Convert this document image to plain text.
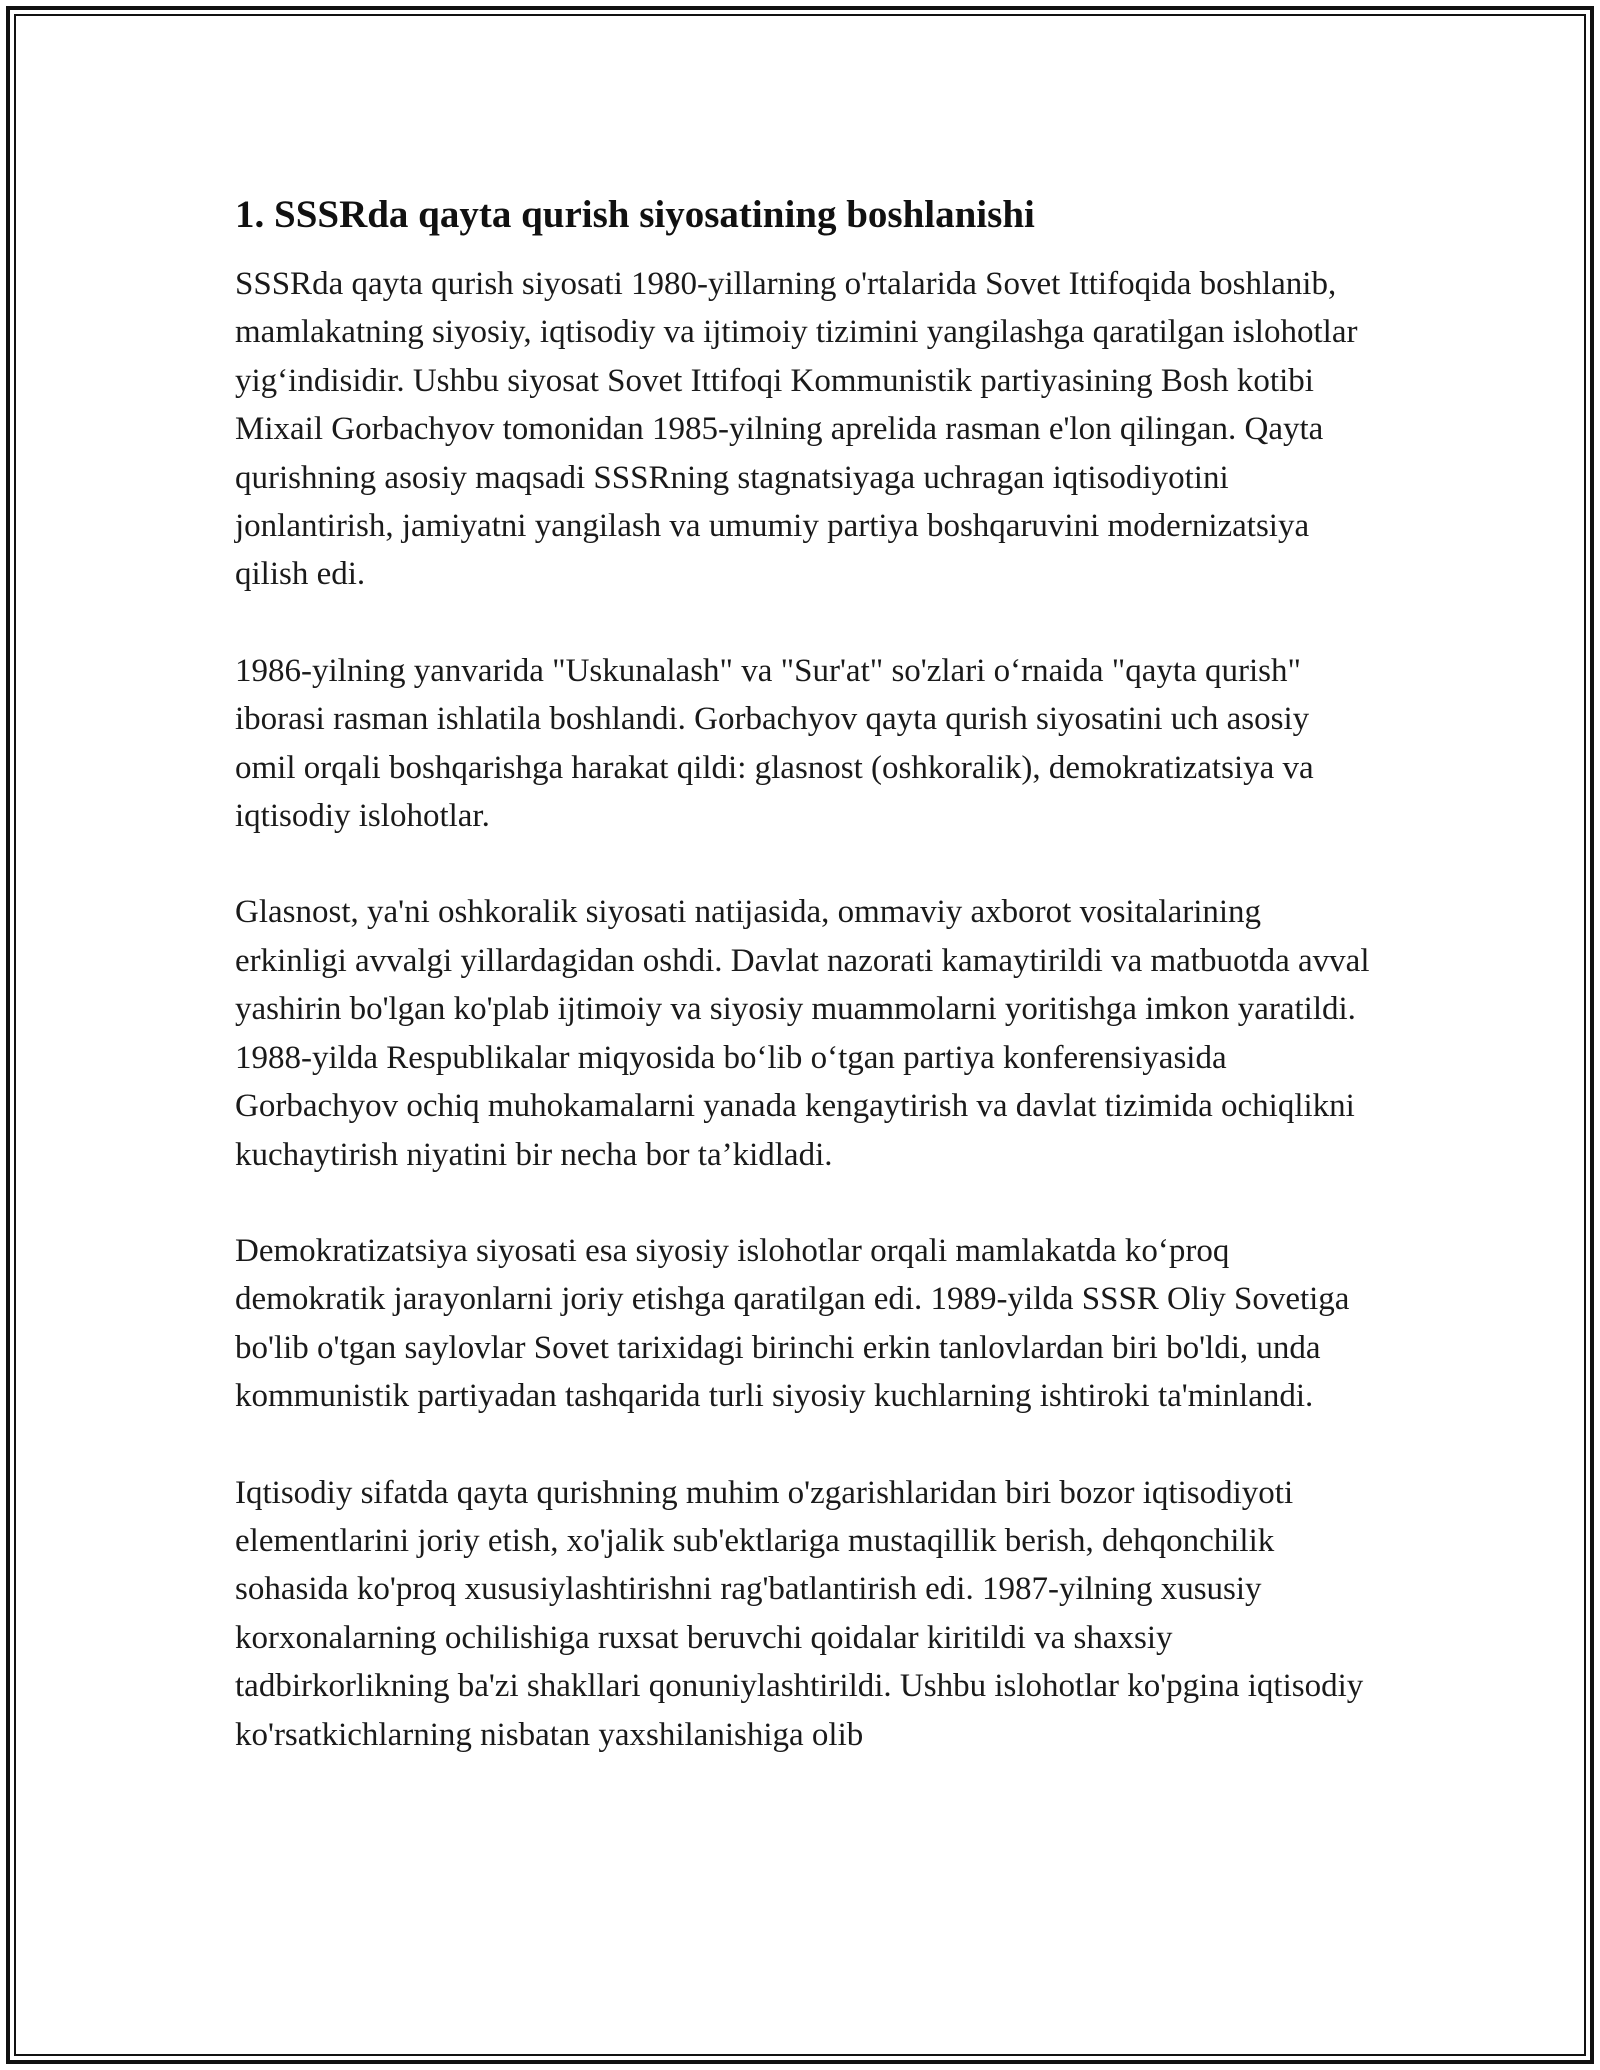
1. SSSRda qayta qurish siyosatining boshlanishi

SSSRda qayta qurish siyosati 1980-yillarning o'rtalarida Sovet Ittifoqida boshlanib, mamlakatning siyosiy, iqtisodiy va ijtimoiy tizimini yangilashga qaratilgan islohotlar yig‘indisidir. Ushbu siyosat Sovet Ittifoqi Kommunistik partiyasining Bosh kotibi Mixail Gorbachyov tomonidan 1985-yilning aprelida rasman e'lon qilingan. Qayta qurishning asosiy maqsadi SSSRning stagnatsiyaga uchragan iqtisodiyotini jonlantirish, jamiyatni yangilash va umumiy partiya boshqaruvini modernizatsiya qilish edi.

1986-yilning yanvarida "Uskunalash" va "Sur'at" so'zlari o‘rnaida "qayta qurish" iborasi rasman ishlatila boshlandi. Gorbachyov qayta qurish siyosatini uch asosiy omil orqali boshqarishga harakat qildi: glasnost (oshkoralik), demokratizatsiya va iqtisodiy islohotlar.

Glasnost, ya'ni oshkoralik siyosati natijasida, ommaviy axborot vositalarining erkinligi avvalgi yillardagidan oshdi. Davlat nazorati kamaytirildi va matbuotda avval yashirin bo'lgan ko'plab ijtimoiy va siyosiy muammolarni yoritishga imkon yaratildi. 1988-yilda Respublikalar miqyosida bo‘lib o‘tgan partiya konferensiyasida Gorbachyov ochiq muhokamalarni yanada kengaytirish va davlat tizimida ochiqlikni kuchaytirish niyatini bir necha bor ta’kidladi.

Demokratizatsiya siyosati esa siyosiy islohotlar orqali mamlakatda ko‘proq demokratik jarayonlarni joriy etishga qaratilgan edi. 1989-yilda SSSR Oliy Sovetiga bo'lib o'tgan saylovlar Sovet tarixidagi birinchi erkin tanlovlardan biri bo'ldi, unda kommunistik partiyadan tashqarida turli siyosiy kuchlarning ishtiroki ta'minlandi.

Iqtisodiy sifatda qayta qurishning muhim o'zgarishlaridan biri bozor iqtisodiyoti elementlarini joriy etish, xo'jalik sub'ektlariga mustaqillik berish, dehqonchilik sohasida ko'proq xususiylashtirishni rag'batlantirish edi. 1987-yilning xususiy korxonalarning ochilishiga ruxsat beruvchi qoidalar kiritildi va shaxsiy tadbirkorlikning ba'zi shakllari qonuniylashtirildi. Ushbu islohotlar ko'pgina iqtisodiy ko'rsatkichlarning nisbatan yaxshilanishiga olib
